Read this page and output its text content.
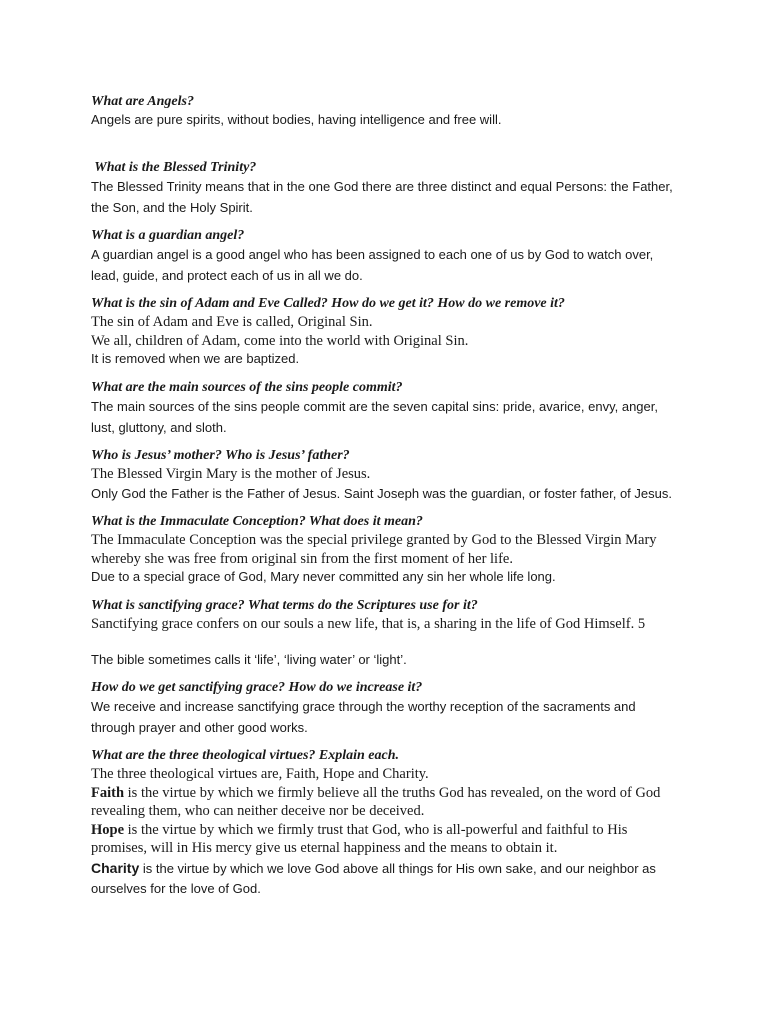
What are Angels?

Angels are pure spirits, without bodies, having intelligence and free will.

What is the Blessed Trinity?

The Blessed Trinity means that in the one God there are three distinct and equal Persons: the Father, the Son, and the Holy Spirit.

What is a guardian angel?

A guardian angel is a good angel who has been assigned to each one of us by God to watch over, lead, guide, and protect each of us in all we do.

What is the sin of Adam and Eve Called? How do we get it? How do we remove it?

The sin of Adam and Eve is called, Original Sin.

We all, children of Adam, come into the world with Original Sin.

It is removed when we are baptized.

What are the main sources of the sins people commit?

The main sources of the sins people commit are the seven capital sins: pride, avarice, envy, anger, lust, gluttony, and sloth.

Who is Jesus’ mother? Who is Jesus’ father?

The Blessed Virgin Mary is the mother of Jesus.

Only God the Father is the Father of Jesus. Saint Joseph was the guardian, or foster father, of Jesus.

What is the Immaculate Conception? What does it mean?

The Immaculate Conception was the special privilege granted by God to the Blessed Virgin Mary whereby she was free from original sin from the first moment of her life.

Due to a special grace of God, Mary never committed any sin her whole life long.

What is sanctifying grace? What terms do the Scriptures use for it?

Sanctifying grace confers on our souls a new life, that is, a sharing in the life of God Himself. 5

The bible sometimes calls it ‘life’, ‘living water’ or ‘light’.

How do we get sanctifying grace? How do we increase it?

We receive and increase sanctifying grace through the worthy reception of the sacraments and through prayer and other good works.

What are the three theological virtues? Explain each.

The three theological virtues are, Faith, Hope and Charity.

Faith is the virtue by which we firmly believe all the truths God has revealed, on the word of God revealing them, who can neither deceive nor be deceived.

Hope is the virtue by which we firmly trust that God, who is all-powerful and faithful to His promises, will in His mercy give us eternal happiness and the means to obtain it.

Charity is the virtue by which we love God above all things for His own sake, and our neighbor as ourselves for the love of God.
